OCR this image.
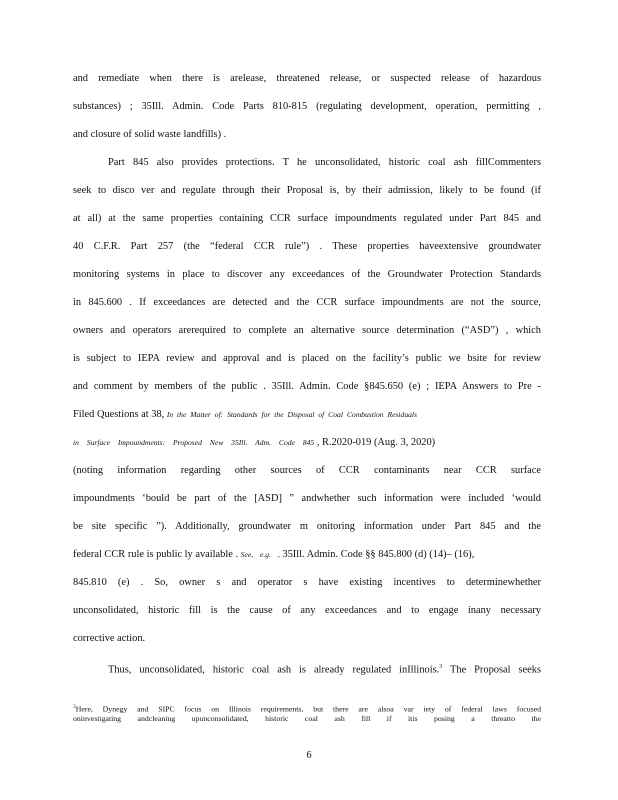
and remediate when there is arelease, threatened release, or suspected release of hazardous
substances) ; 35Ill. Admin. Code Parts 810-815 (regulating development, operation, permitting ,
and closure of solid waste landfills) .
Part 845 also provides protections. T he unconsolidated, historic coal ash fillCommenters
seek to disco ver and regulate through their Proposal is, by their admission, likely to be found (if
at all) at the same properties containing CCR surface impoundments regulated under Part 845 and
40 C.F.R. Part 257 (the “federal CCR rule”) . These properties haveextensive groundwater
monitoring systems in place to discover any exceedances of the Groundwater Protection Standards
in 845.600 . If exceedances are detected and the CCR surface impoundments are not the source,
owners and operators arerequired to complete an alternative source determination (“ASD”) , which
is subject to IEPA review and approval and is placed on the facility’s public we bsite for review
and comment by members of the public . 35Ill. Admin. Code §845.650 (e) ; IEPA Answers to Pre -
Filed Questions at 38, In the Matter of: Standards for the Disposal of Coal Combustion Residuals
in Surface Impoundments: Proposed New 35Ill. Adm. Code 845 , R.2020-019 (Aug. 3, 2020)
(noting information regarding other sources of CCR contaminants near CCR surface
impoundments ‘bould be part of the [ASD] ” andwhether such information were included ‘would
be site specific ”). Additionally, groundwater m onitoring information under Part 845 and the
federal CCR rule is public ly available . See, e.g. , 35Ill. Admin. Code §§ 845.800 (d) (14)– (16),
845.810 (e) . So, owner s and operator s have existing incentives to determinewhether
unconsolidated, historic fill is the cause of any exceedances and to engage inany necessary
corrective action.
Thus, unconsolidated, historic coal ash is already regulated inIllinois.$^3$ The Proposal seeks
$^3$Here, Dynegy and SIPC focus on Illinois requirements, but there are alsoa var iety of federal laws focused
oninvestigating andcleaning upunconsolidated, historic coal ash fill if itis posing a threatto the
6
